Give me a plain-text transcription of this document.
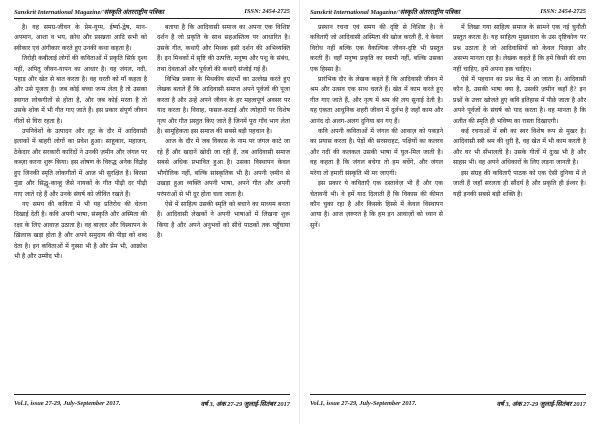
Sanskrit International Magazine/'संस्कृति अंतरराष्ट्रीय पत्रिका	ISSN: 2454-2725

है। वह समग्र-जीवन के प्रेम-युग्म, ईर्ष्या-द्वेष, मान-अपमान, आशा व भय, क्रोध और प्रसन्नता आदि सभी को स्वीकार एवं अंगीकार करते हुए उनकी कथा कहता है।

तिरोही कबीलाई लोगों की कविताओं में प्रकृति सिर्फ़ दृश्य नहीं, अपितु जीवन-यापन का आधार है। वह जंगल, नदी, पहाड़ और खेत से बात करता है। वह धरती को माँ कहता है और उसे पूजता है। जब कोई बच्चा जन्म लेता है तो उसका स्वागत लोकगीतों से होता है, और जब कोई मरता है तो उसके शोक में भी गीत गाए जाते हैं। इस प्रकार संपूर्ण जीवन गीतों से घिरा रहता है।

उपनिवेशों के उत्पादन और लूट के दौर में आदिवासी इलाकों में बाहरी लोगों का प्रवेश हुआ। साहूकार, महाजन, ठेकेदार और सरकारी कारिंदों ने उनकी ज़मीन और जंगल पर कब्ज़ा करना शुरू किया। इस शोषण के विरुद्ध अनेक विद्रोह हुए जिनकी स्मृति लोकगीतों में आज भी सुरक्षित है। बिरसा मुंडा और सिद्धू-कान्हू जैसे नायकों के गीत पीढ़ी दर पीढ़ी गाए जाते रहे हैं और उनके संघर्ष को जीवित रखते हैं।

नए समय की कविता में भी यह प्रतिरोध की चेतना दिखाई देती है। कवि अपनी भाषा, संस्कृति और अस्मिता की रक्षा के लिए आवाज़ उठाता है। वह बाज़ार और विस्थापन के ख़िलाफ़ खड़ा होता है और अपने समुदाय की पीड़ा को शब्द देता है। इन कविताओं में गुस्सा भी है और प्रेम भी, आक्रोश भी है और उम्मीद भी।

बताया है कि आदिवासी समाज का अपना एक विशिष्ट दर्शन है जो प्रकृति के साथ सहअस्तित्व पर आधारित है। उसके गीत, कथाएँ और मिथक इसी दर्शन की अभिव्यक्ति हैं। इन मिथकों में सृष्टि की उत्पत्ति, मनुष्य और पशु के संबंध, तथा देवताओं और पूर्वजों की कथाएँ संजोई गई हैं।

विभिन्न प्रकार के मिथकीय संदर्भों का उल्लेख करते हुए लेखक बताते हैं कि आदिवासी समाज अपने पूर्वजों की पूजा करता है और उन्हें अपने जीवन के हर महत्वपूर्ण अवसर पर याद करता है। विवाह, फसल-कटाई और त्योहारों पर विशेष नृत्य और गीत प्रस्तुत किए जाते हैं जिनमें पूरा गाँव भाग लेता है। सामूहिकता इस समाज की सबसे बड़ी पहचान है।

आज के दौर में जब विकास के नाम पर जंगल काटे जा रहे हैं और खदानें खोदी जा रही हैं, तब आदिवासी समाज सबसे अधिक प्रभावित हुआ है। उसका विस्थापन केवल भौगोलिक नहीं, बल्कि सांस्कृतिक भी है। अपनी ज़मीन से उखड़ा हुआ व्यक्ति अपनी भाषा, अपने गीत और अपनी परंपराओं से भी दूर होता चला जाता है।

ऐसे में साहित्य उसकी स्मृति को बचाने का माध्यम बनता है। आदिवासी लेखकों ने अपनी भाषाओं में लिखना शुरू किया है और अपने अनुभवों को सीधे पाठकों तक पहुँचाया है।

Vol.1, issue 27-29, July-September 2017.	वर्ष 3, अंक 27-29 जुलाई-सितंबर 2017
Sanskrit International Magazine/'संस्कृति अंतरराष्ट्रीय पत्रिका	ISSN: 2454-2725

प्रस्थान रचना एवं समय की दृष्टि से विशिष्ट है। वे कविताएँ जो आदिवासी अस्मिता की खोज करती हैं, वे केवल विरोध नहीं बल्कि एक वैकल्पिक जीवन-दृष्टि भी प्रस्तुत करती हैं। वहाँ मनुष्य प्रकृति का स्वामी नहीं, बल्कि उसका एक हिस्सा है।

प्रारंभिक दौर के लेखक कहते हैं कि आदिवासी जीवन में श्रम और उत्सव एक साथ चलते हैं। खेत में काम करते हुए गीत गाए जाते हैं, और नृत्य में श्रम की लय सुनाई देती है। यह एकता आधुनिक शहरी जीवन में दुर्लभ है जहाँ काम और आनंद दो अलग-अलग दुनिया बन गए हैं।

कवि अपनी कविताओं में जंगल की आवाज़ को पकड़ने का प्रयास करता है। पेड़ों की सरसराहट, पक्षियों का कलरव और नदी की कलकल उसकी भाषा में घुल-मिल जाती है। वह कहता है कि जंगल बचेगा तो हम बचेंगे, और जंगल मरेगा तो हमारी संस्कृति भी मर जाएगी।

इस प्रकार ये कविताएँ एक दस्तावेज़ भी हैं और एक चेतावनी भी। वे हमें याद दिलाती हैं कि विकास की कीमत कौन चुका रहा है और किसके हिस्से में केवल विस्थापन आया है। आज ज़रूरत है कि हम इन आवाज़ों को ध्यान से सुनें।

में लिखा गया साहित्य समाज के सामने एक नई चुनौती प्रस्तुत करता है। यह साहित्य मुख्यधारा के उस दृष्टिकोण पर प्रश्न उठाता है जो आदिवासियों को केवल पिछड़ा और असभ्य मानता रहा है। लेखक कहते हैं कि हमें किसी की दया नहीं चाहिए, हमें अपना हक़ चाहिए।

ऐसे में पहचान का प्रश्न केंद्र में आ जाता है। आदिवासी कौन है, उसकी भाषा क्या है, उसकी ज़मीन कहाँ है? इन प्रश्नों के उत्तर खोजते हुए कवि इतिहास में पीछे जाता है और अपने पूर्वजों के संघर्ष को याद करता है। वह मानता है कि अतीत की स्मृति ही भविष्य का रास्ता दिखाएगी।

कई रचनाओं में स्त्री का स्वर विशेष रूप से मुखर है। आदिवासी स्त्री श्रम की धुरी है, वह खेत में भी काम करती है और घर भी सँभालती है। उसके गीतों में दुःख भी है और साहस भी। वह अपने अधिकारों के लिए लड़ना जानती है।

इस संग्रह की कविताएँ पाठक को एक ऐसी दुनिया में ले जाती हैं जहाँ सरलता ही सौंदर्य है और प्रकृति ही ईश्वर है। यही इनकी सबसे बड़ी शक्ति है।

Vol.1, issue 27-29, July-September 2017.	वर्ष 3, अंक 27-29 जुलाई-सितंबर 2017
